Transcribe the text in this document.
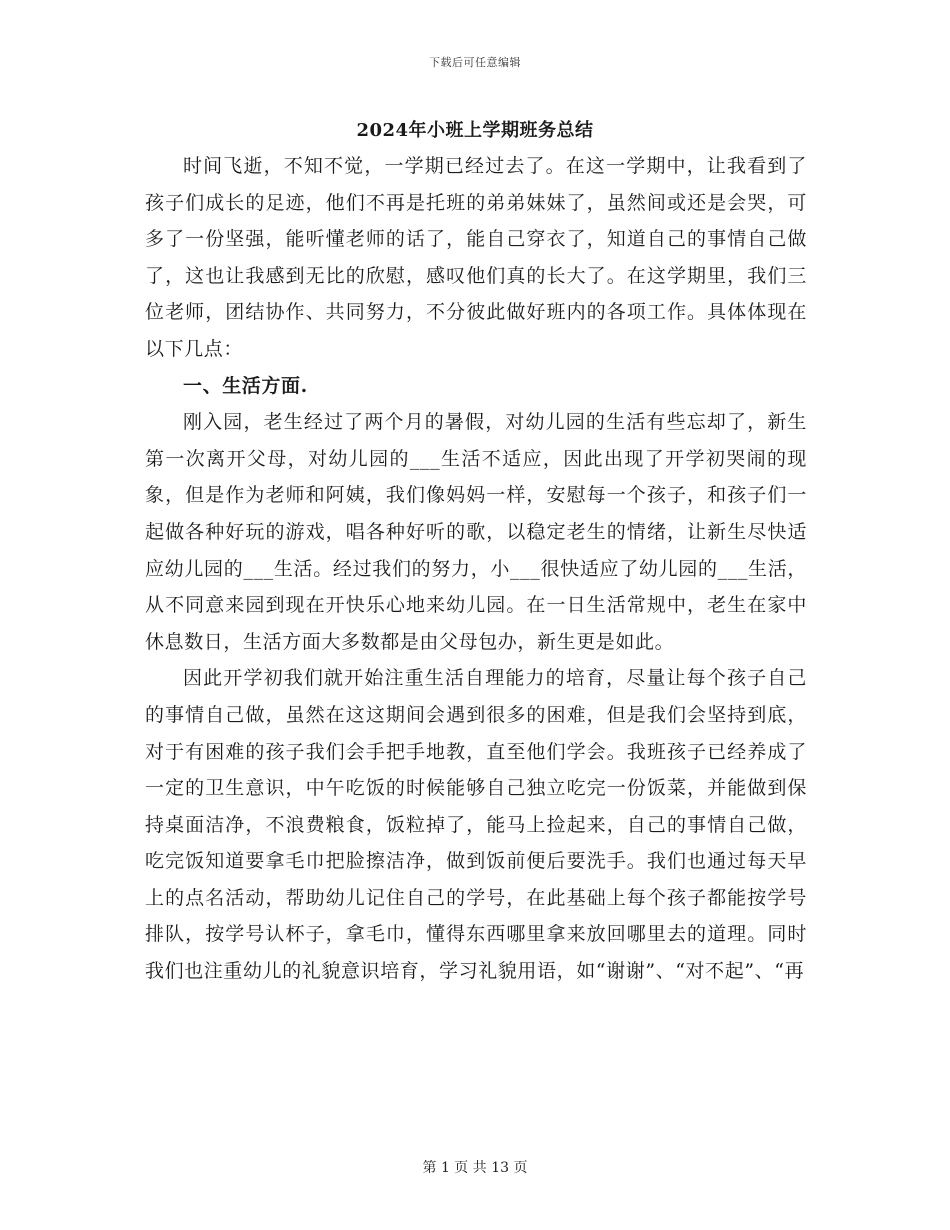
下载后可任意编辑
2024年小班上学期班务总结

时间飞逝，不知不觉，一学期已经过去了。在这一学期中，让我看到了孩子们成长的足迹，他们不再是托班的弟弟妹妹了，虽然间或还是会哭，可多了一份坚强，能听懂老师的话了，能自己穿衣了，知道自己的事情自己做了，这也让我感到无比的欣慰，感叹他们真的长大了。在这学期里，我们三位老师，团结协作、共同努力，不分彼此做好班内的各项工作。具体体现在以下几点：

一、生活方面.

刚入园，老生经过了两个月的暑假，对幼儿园的生活有些忘却了，新生第一次离开父母，对幼儿园的___生活不适应，因此出现了开学初哭闹的现象，但是作为老师和阿姨，我们像妈妈一样，安慰每一个孩子，和孩子们一起做各种好玩的游戏，唱各种好听的歌，以稳定老生的情绪，让新生尽快适应幼儿园的___生活。经过我们的努力，小___很快适应了幼儿园的___生活，从不同意来园到现在开快乐心地来幼儿园。在一日生活常规中，老生在家中休息数日，生活方面大多数都是由父母包办，新生更是如此。

因此开学初我们就开始注重生活自理能力的培育，尽量让每个孩子自己的事情自己做，虽然在这这期间会遇到很多的困难，但是我们会坚持到底，对于有困难的孩子我们会手把手地教，直至他们学会。我班孩子已经养成了一定的卫生意识，中午吃饭的时候能够自己独立吃完一份饭菜，并能做到保持桌面洁净，不浪费粮食，饭粒掉了，能马上捡起来，自己的事情自己做，吃完饭知道要拿毛巾把脸擦洁净，做到饭前便后要洗手。我们也通过每天早上的点名活动，帮助幼儿记住自己的学号，在此基础上每个孩子都能按学号排队，按学号认杯子，拿毛巾，懂得东西哪里拿来放回哪里去的道理。同时我们也注重幼儿的礼貌意识培育，学习礼貌用语，如“谢谢”、“对不起”、“再

第 1 页 共 13 页
